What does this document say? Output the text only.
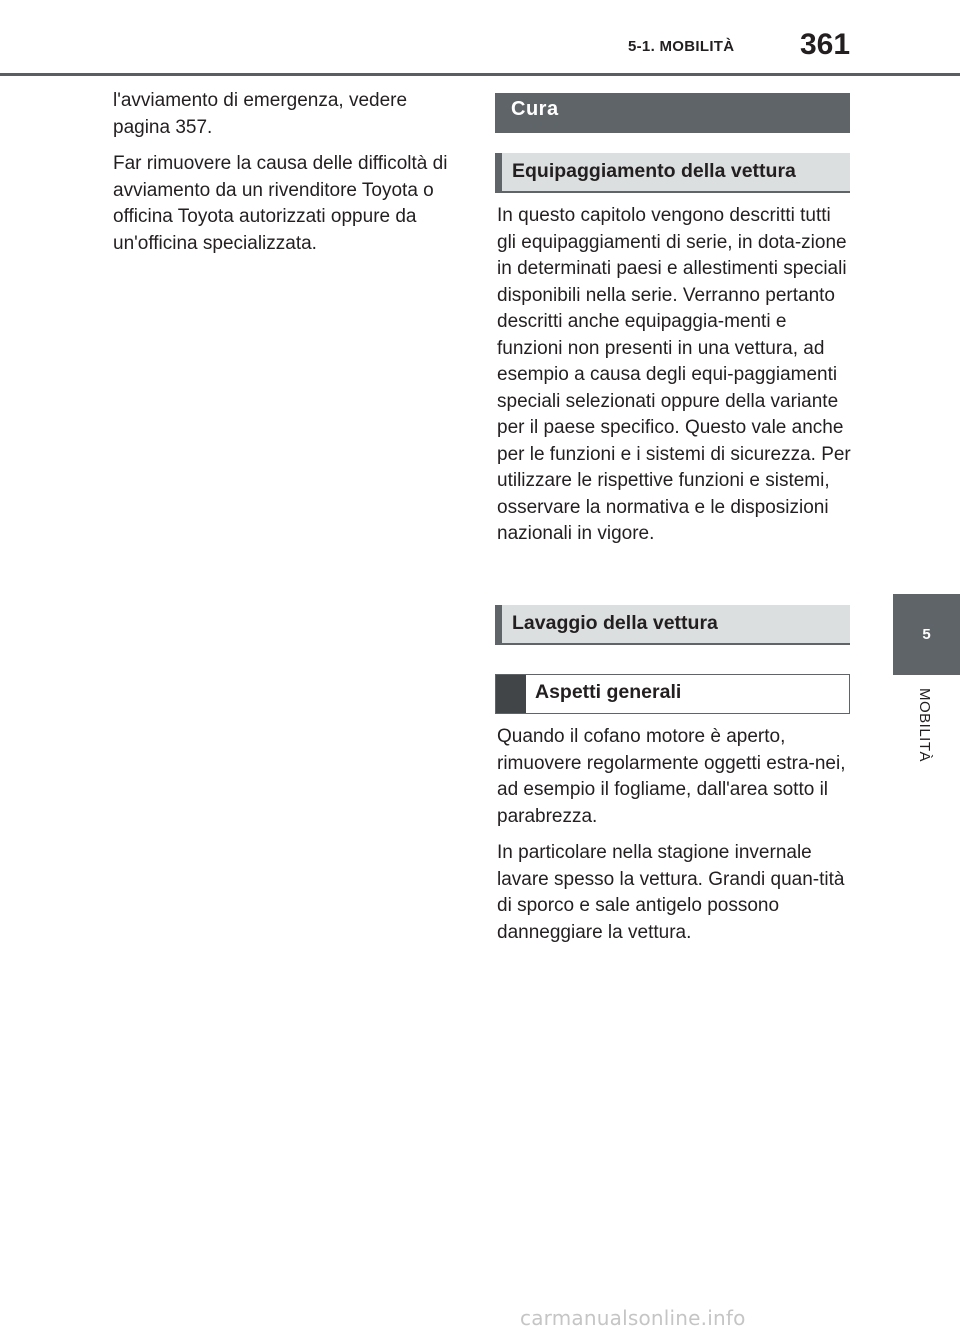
5-1. MOBILITÀ 361
5
MOBILITÀ

l'avviamento di emergenza, vedere pagina 357.

Far rimuovere la causa delle difficoltà di avviamento da un rivenditore Toyota o officina Toyota autorizzati oppure da un'officina specializzata.

Cura
Equipaggiamento della vettura

In questo capitolo vengono descritti tutti gli equipaggiamenti di serie, in dota-zione in determinati paesi e allestimenti speciali disponibili nella serie. Verranno pertanto descritti anche equipaggia-menti e funzioni non presenti in una vettura, ad esempio a causa degli equi-paggiamenti speciali selezionati oppure della variante per il paese specifico. Questo vale anche per le funzioni e i sistemi di sicurezza. Per utilizzare le rispettive funzioni e sistemi, osservare la normativa e le disposizioni nazionali in vigore.

Lavaggio della vettura
Aspetti generali

Quando il cofano motore è aperto, rimuovere regolarmente oggetti estra-nei, ad esempio il fogliame, dall'area sotto il parabrezza.

In particolare nella stagione invernale lavare spesso la vettura. Grandi quan-tità di sporco e sale antigelo possono danneggiare la vettura.

carmanualsonline.info
